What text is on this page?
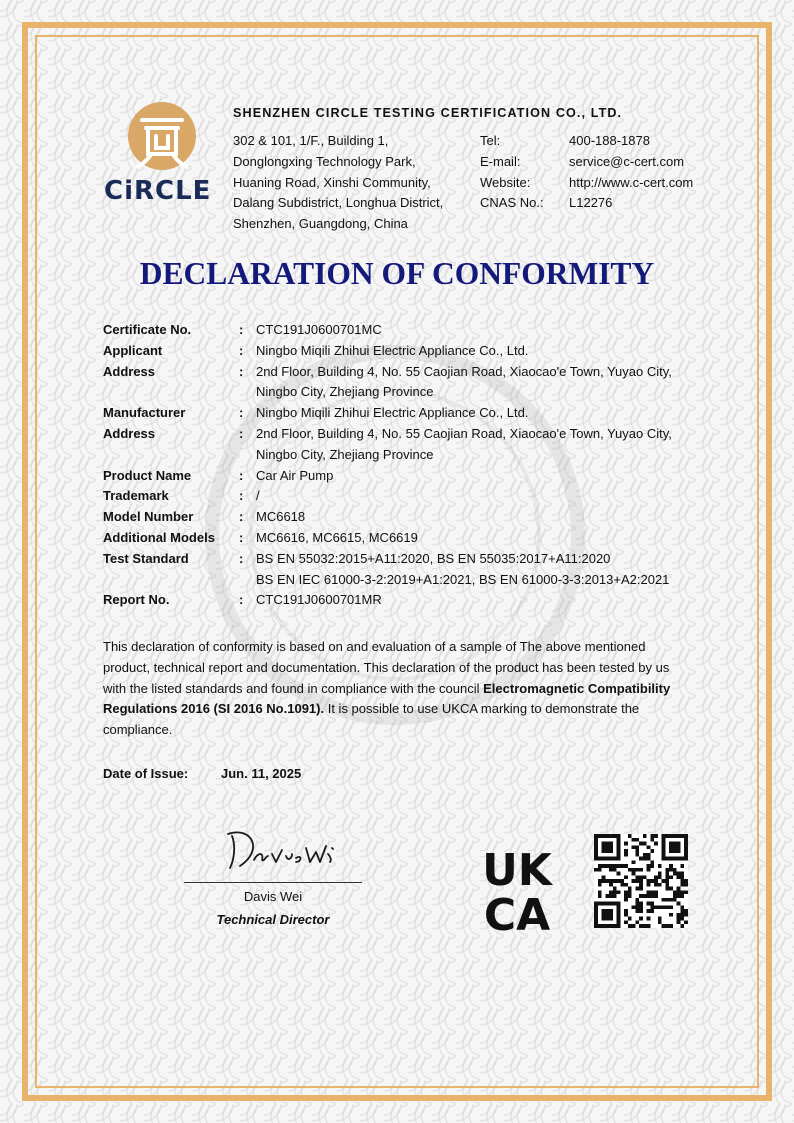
CiRCLE
SHENZHEN CIRCLE TESTING CERTIFICATION CO., LTD.
302 & 101, 1/F., Building 1,
Donglongxing Technology Park,
Huaning Road, Xinshi Community,
Dalang Subdistrict, Longhua District,
Shenzhen, Guangdong, China
Tel:	400-188-1878
E-mail:	service@c-cert.com
Website:	http://www.c-cert.com
CNAS No.:	L12276
DECLARATION OF CONFORMITY
Certificate No.	: CTC191J0600701MC
Applicant	: Ningbo Miqili Zhihui Electric Appliance Co., Ltd.
Address	: 2nd Floor, Building 4, No. 55 Caojian Road, Xiaocao'e Town, Yuyao City,
Ningbo City, Zhejiang Province
Manufacturer	: Ningbo Miqili Zhihui Electric Appliance Co., Ltd.
Address	: 2nd Floor, Building 4, No. 55 Caojian Road, Xiaocao'e Town, Yuyao City,
Ningbo City, Zhejiang Province
Product Name	: Car Air Pump
Trademark	: /
Model Number	: MC6618
Additional Models	: MC6616, MC6615, MC6619
Test Standard	: BS EN 55032:2015+A11:2020, BS EN 55035:2017+A11:2020
BS EN IEC 61000-3-2:2019+A1:2021, BS EN 61000-3-3:2013+A2:2021
Report No.	: CTC191J0600701MR
This declaration of conformity is based on and evaluation of a sample of The above mentioned product, technical report and documentation. This declaration of the product has been tested by us with the listed standards and found in compliance with the council Electromagnetic Compatibility Regulations 2016 (SI 2016 No.1091). It is possible to use UKCA marking to demonstrate the compliance.
Date of Issue:	Jun. 11, 2025
Davis Wei
Technical Director
UK
CA
